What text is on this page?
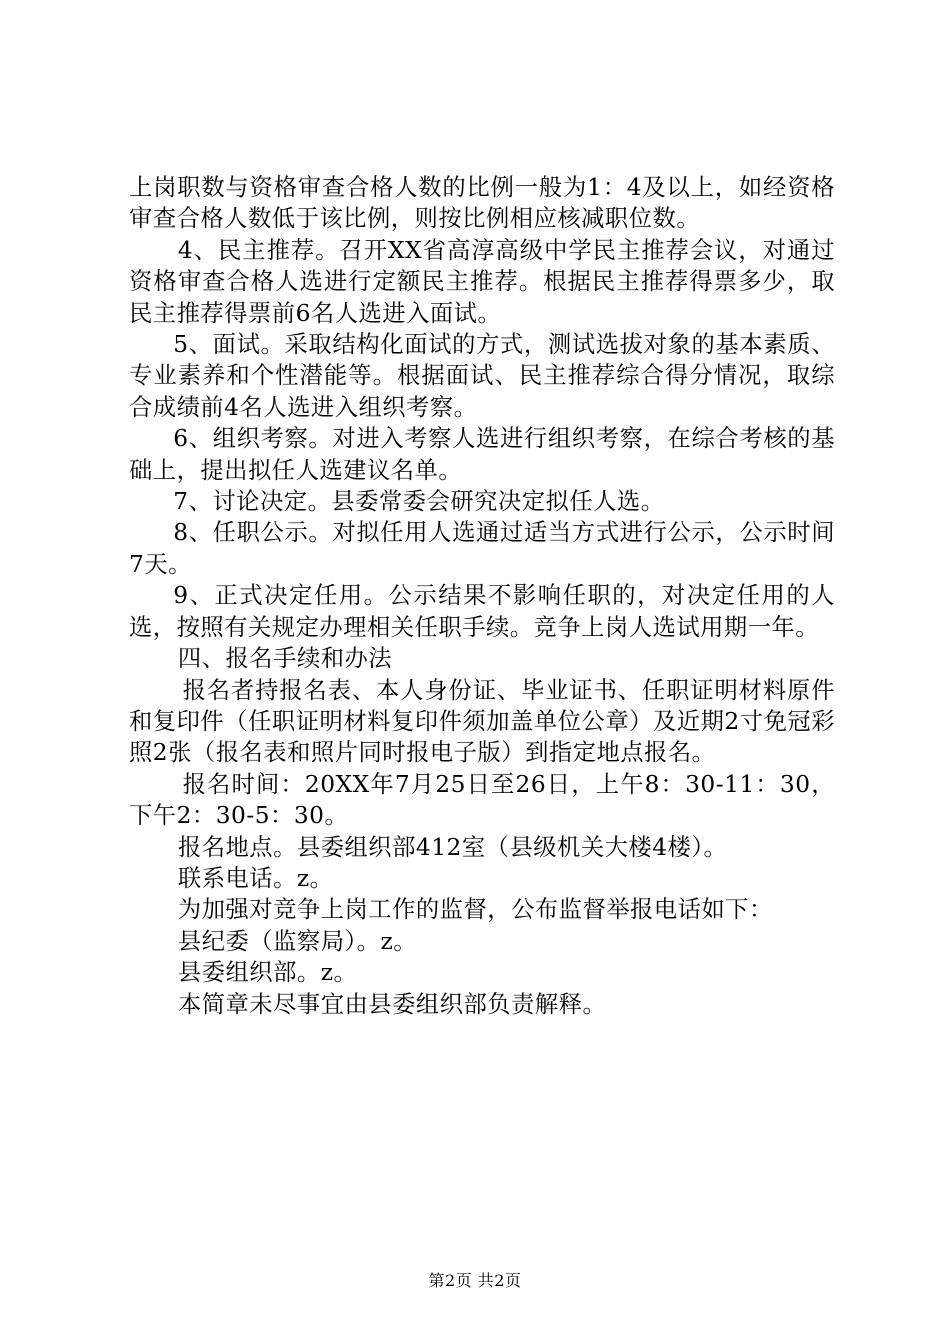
上岗职数与资格审查合格人数的比例一般为1：4及以上，如经资格审查合格人数低于该比例，则按比例相应核减职位数。

4、民主推荐。召开XX省高淳高级中学民主推荐会议，对通过资格审查合格人选进行定额民主推荐。根据民主推荐得票多少，取民主推荐得票前6名人选进入面试。

5、面试。采取结构化面试的方式，测试选拔对象的基本素质、专业素养和个性潜能等。根据面试、民主推荐综合得分情况，取综合成绩前4名人选进入组织考察。

6、组织考察。对进入考察人选进行组织考察，在综合考核的基础上，提出拟任人选建议名单。

7、讨论决定。县委常委会研究决定拟任人选。

8、任职公示。对拟任用人选通过适当方式进行公示，公示时间7天。

9、正式决定任用。公示结果不影响任职的，对决定任用的人选，按照有关规定办理相关任职手续。竞争上岗人选试用期一年。

四、报名手续和办法

报名者持报名表、本人身份证、毕业证书、任职证明材料原件和复印件（任职证明材料复印件须加盖单位公章）及近期2寸免冠彩照2张（报名表和照片同时报电子版）到指定地点报名。

报名时间：20XX年7月25日至26日，上午8：30-11：30，下午2：30-5：30。

报名地点。县委组织部412室（县级机关大楼4楼）。

联系电话。z。

为加强对竞争上岗工作的监督，公布监督举报电话如下：

县纪委（监察局）。z。

县委组织部。z。

本简章未尽事宜由县委组织部负责解释。

第2页 共2页
